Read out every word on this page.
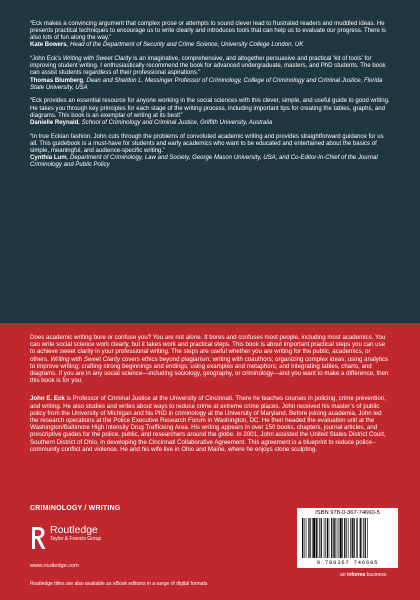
“Eck makes a convincing argument that complex prose or attempts to sound clever lead to frustrated readers and muddled ideas. He presents practical techniques to encourage us to write clearly and introduces tools that can help us to evaluate our progress. There is also lots of fun along the way.”
Kate Bowers, Head of the Department of Security and Crime Science, University College London, UK

“John Eck’s Writing with Sweet Clarity is an imaginative, comprehensive, and altogether persuasive and practical ‘kit of tools’ for improving student writing. I enthusiastically recommend the book for advanced undergraduate, masters, and PhD students. The book can assist students regardless of their professional aspirations.”
Thomas Blumberg, Dean and Sheldon L. Messinger Professor of Criminology, College of Criminology and Criminal Justice, Florida State University, USA

“Eck provides an essential resource for anyone working in the social sciences with this clever, simple, and useful guide to good writing. He takes you through key principles for each stage of the writing process, including important tips for creating the tables, graphs, and diagrams. This book is an exemplar of writing at its best!”
Danielle Reynald, School of Criminology and Criminal Justice, Griffith University, Australia

“In true Eckian fashion, John cuts through the problems of convoluted academic writing and provides straightforward guidance for us all. This guidebook is a must-have for students and early academics who want to be educated and entertained about the basics of simple, meaningful, and audience-specific writing.”
Cynthia Lum, Department of Criminology, Law and Society, George Mason University, USA; and Co-Editor-In-Chief of the Journal Criminology and Public Policy

Does academic writing bore or confuse you? You are not alone. It bores and confuses most people, including most academics. You can write social science work clearly, but it takes work and practical steps. This book is about important practical steps you can use to achieve sweet clarity in your professional writing. The steps are useful whether you are writing for the public, academics, or others. Writing with Sweet Clarity covers ethics beyond plagiarism; writing with coauthors; organizing complex ideas; using analytics to improve writing; crafting strong beginnings and endings; using examples and metaphors; and integrating tables, charts, and diagrams. If you are in any social science—including sociology, geography, or criminology—and you want to make a difference, then this book is for you.

John E. Eck is Professor of Criminal Justice at the University of Cincinnati. There he teaches courses in policing, crime prevention, and writing. He also studies and writes about ways to reduce crime at extreme crime places. John received his master’s of public policy from the University of Michigan and his PhD in criminology at the University of Maryland. Before joining academia, John led the research operations at the Police Executive Research Forum in Washington, DC. He then headed the evaluation unit at the Washington/Baltimore High Intensity Drug Trafficking Area. His writing appears in over 150 books, chapters, journal articles, and prescriptive guides for the police, public, and researchers around the globe. In 2001, John assisted the United States District Court, Southern District of Ohio, in developing the Cincinnati Collaborative Agreement. This agreement is a blueprint to reduce police–community conflict and violence. He and his wife live in Ohio and Maine, where he enjoys stone sculpting.

CRIMINOLOGY / WRITING
Routledge
Taylor & Francis Group
www.routledge.com
Routledge titles are also available as eBook editions in a range of digital formats
ISBN 978-0-367-74660-5
9 780367 746605
an informa business
